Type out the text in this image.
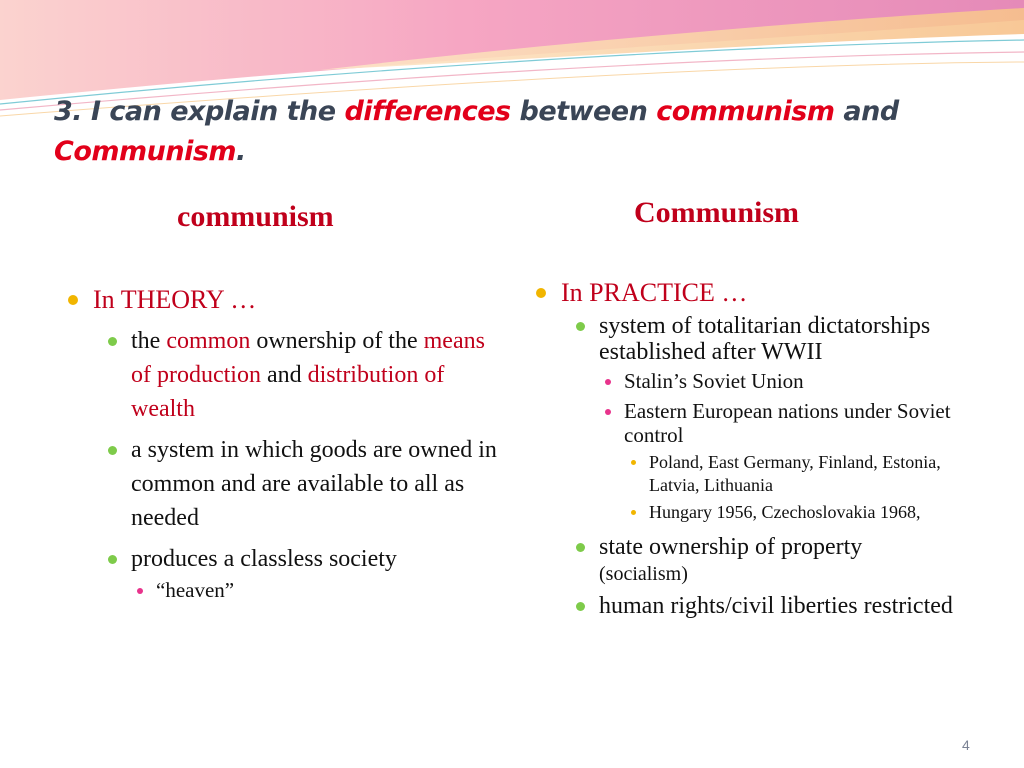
3. I can explain the differences between communism and
Communism.
communism	Communism
In THEORY …
the common ownership of the means of production and distribution of wealth
a system in which goods are owned in common and are available to all as needed
produces a classless society
“heaven”
In PRACTICE …
system of totalitarian dictatorships established after WWII
Stalin’s Soviet Union
Eastern European nations under Soviet control
Poland, East Germany, Finland, Estonia, Latvia, Lithuania
Hungary 1956, Czechoslovakia 1968,
state ownership of property
(socialism)
human rights/civil liberties restricted
4
